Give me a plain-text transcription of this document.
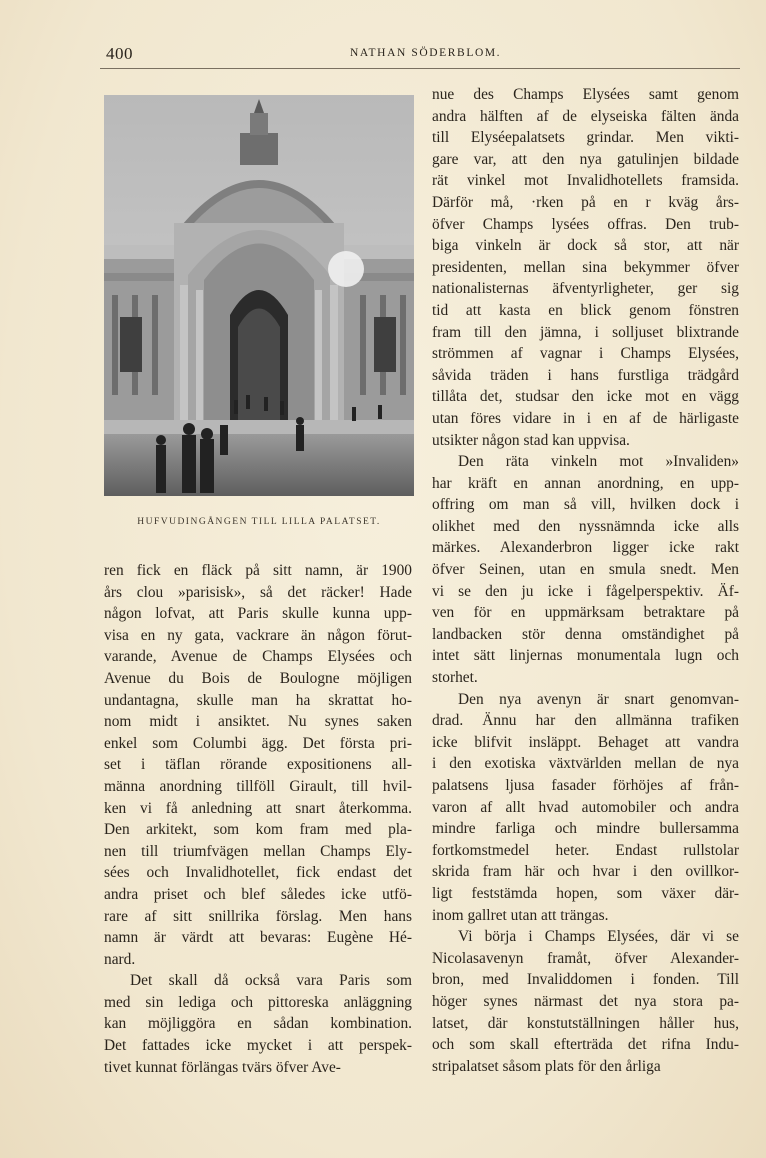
400	NATHAN SÖDERBLOM.
HUFVUDINGÅNGEN TILL LILLA PALATSET.
ren fick en fläck på sitt namn, är 1900
års clou »parisisk», så det räcker! Hade
någon lofvat, att Paris skulle kunna upp-
visa en ny gata, vackrare än någon förut-
varande, Avenue de Champs Elysées och
Avenue du Bois de Boulogne möjligen
undantagna, skulle man ha skrattat ho-
nom midt i ansiktet. Nu synes saken
enkel som Columbi ägg. Det första pri-
set i täflan rörande expositionens all-
männa anordning tillföll Girault, till hvil-
ken vi få anledning att snart återkomma.
Den arkitekt, som kom fram med pla-
nen till triumfvägen mellan Champs Ely-
sées och Invalidhotellet, fick endast det
andra priset och blef således icke utfö-
rare af sitt snillrika förslag. Men hans
namn är värdt att bevaras: Eugène Hé-
nard.
Det skall då också vara Paris som
med sin lediga och pittoreska anläggning
kan möjliggöra en sådan kombination.
Det fattades icke mycket i att perspek-
tivet kunnat förlängas tvärs öfver Ave-
nue des Champs Elysées samt genom
andra hälften af de elyseiska fälten ända
till Elyséepalatsets grindar. Men vikti-
gare var, att den nya gatulinjen bildade
rät vinkel mot Invalidhotellets framsida.
Därför må, ·rken på en r kväg års-
öfver Champs lysées offras. Den trub-
biga vinkeln är dock så stor, att när
presidenten, mellan sina bekymmer öfver
nationalisternas äfventyrligheter, ger sig
tid att kasta en blick genom fönstren
fram till den jämna, i solljuset blixtrande
strömmen af vagnar i Champs Elysées,
såvida träden i hans furstliga trädgård
tillåta det, studsar den icke mot en vägg
utan föres vidare in i en af de härligaste
utsikter någon stad kan uppvisa.
Den räta vinkeln mot »Invaliden»
har kräft en annan anordning, en upp-
offring om man så vill, hvilken dock i
olikhet med den nyssnämnda icke alls
märkes. Alexanderbron ligger icke rakt
öfver Seinen, utan en smula snedt. Men
vi se den ju icke i fågelperspektiv. Äf-
ven för en uppmärksam betraktare på
landbacken stör denna omständighet på
intet sätt linjernas monumentala lugn och
storhet.
Den nya avenyn är snart genomvan-
drad. Ännu har den allmänna trafiken
icke blifvit insläppt. Behaget att vandra
i den exotiska växtvärlden mellan de nya
palatsens ljusa fasader förhöjes af från-
varon af allt hvad automobiler och andra
mindre farliga och mindre bullersamma
fortkomstmedel heter. Endast rullstolar
skrida fram här och hvar i den ovillkor-
ligt feststämda hopen, som växer där-
inom gallret utan att trängas.
Vi börja i Champs Elysées, där vi se
Nicolasavenyn framåt, öfver Alexander-
bron, med Invaliddomen i fonden. Till
höger synes närmast det nya stora pa-
latset, där konstutställningen håller hus,
och som skall efterträda det rifna Indu-
stripalatset såsom plats för den årliga
